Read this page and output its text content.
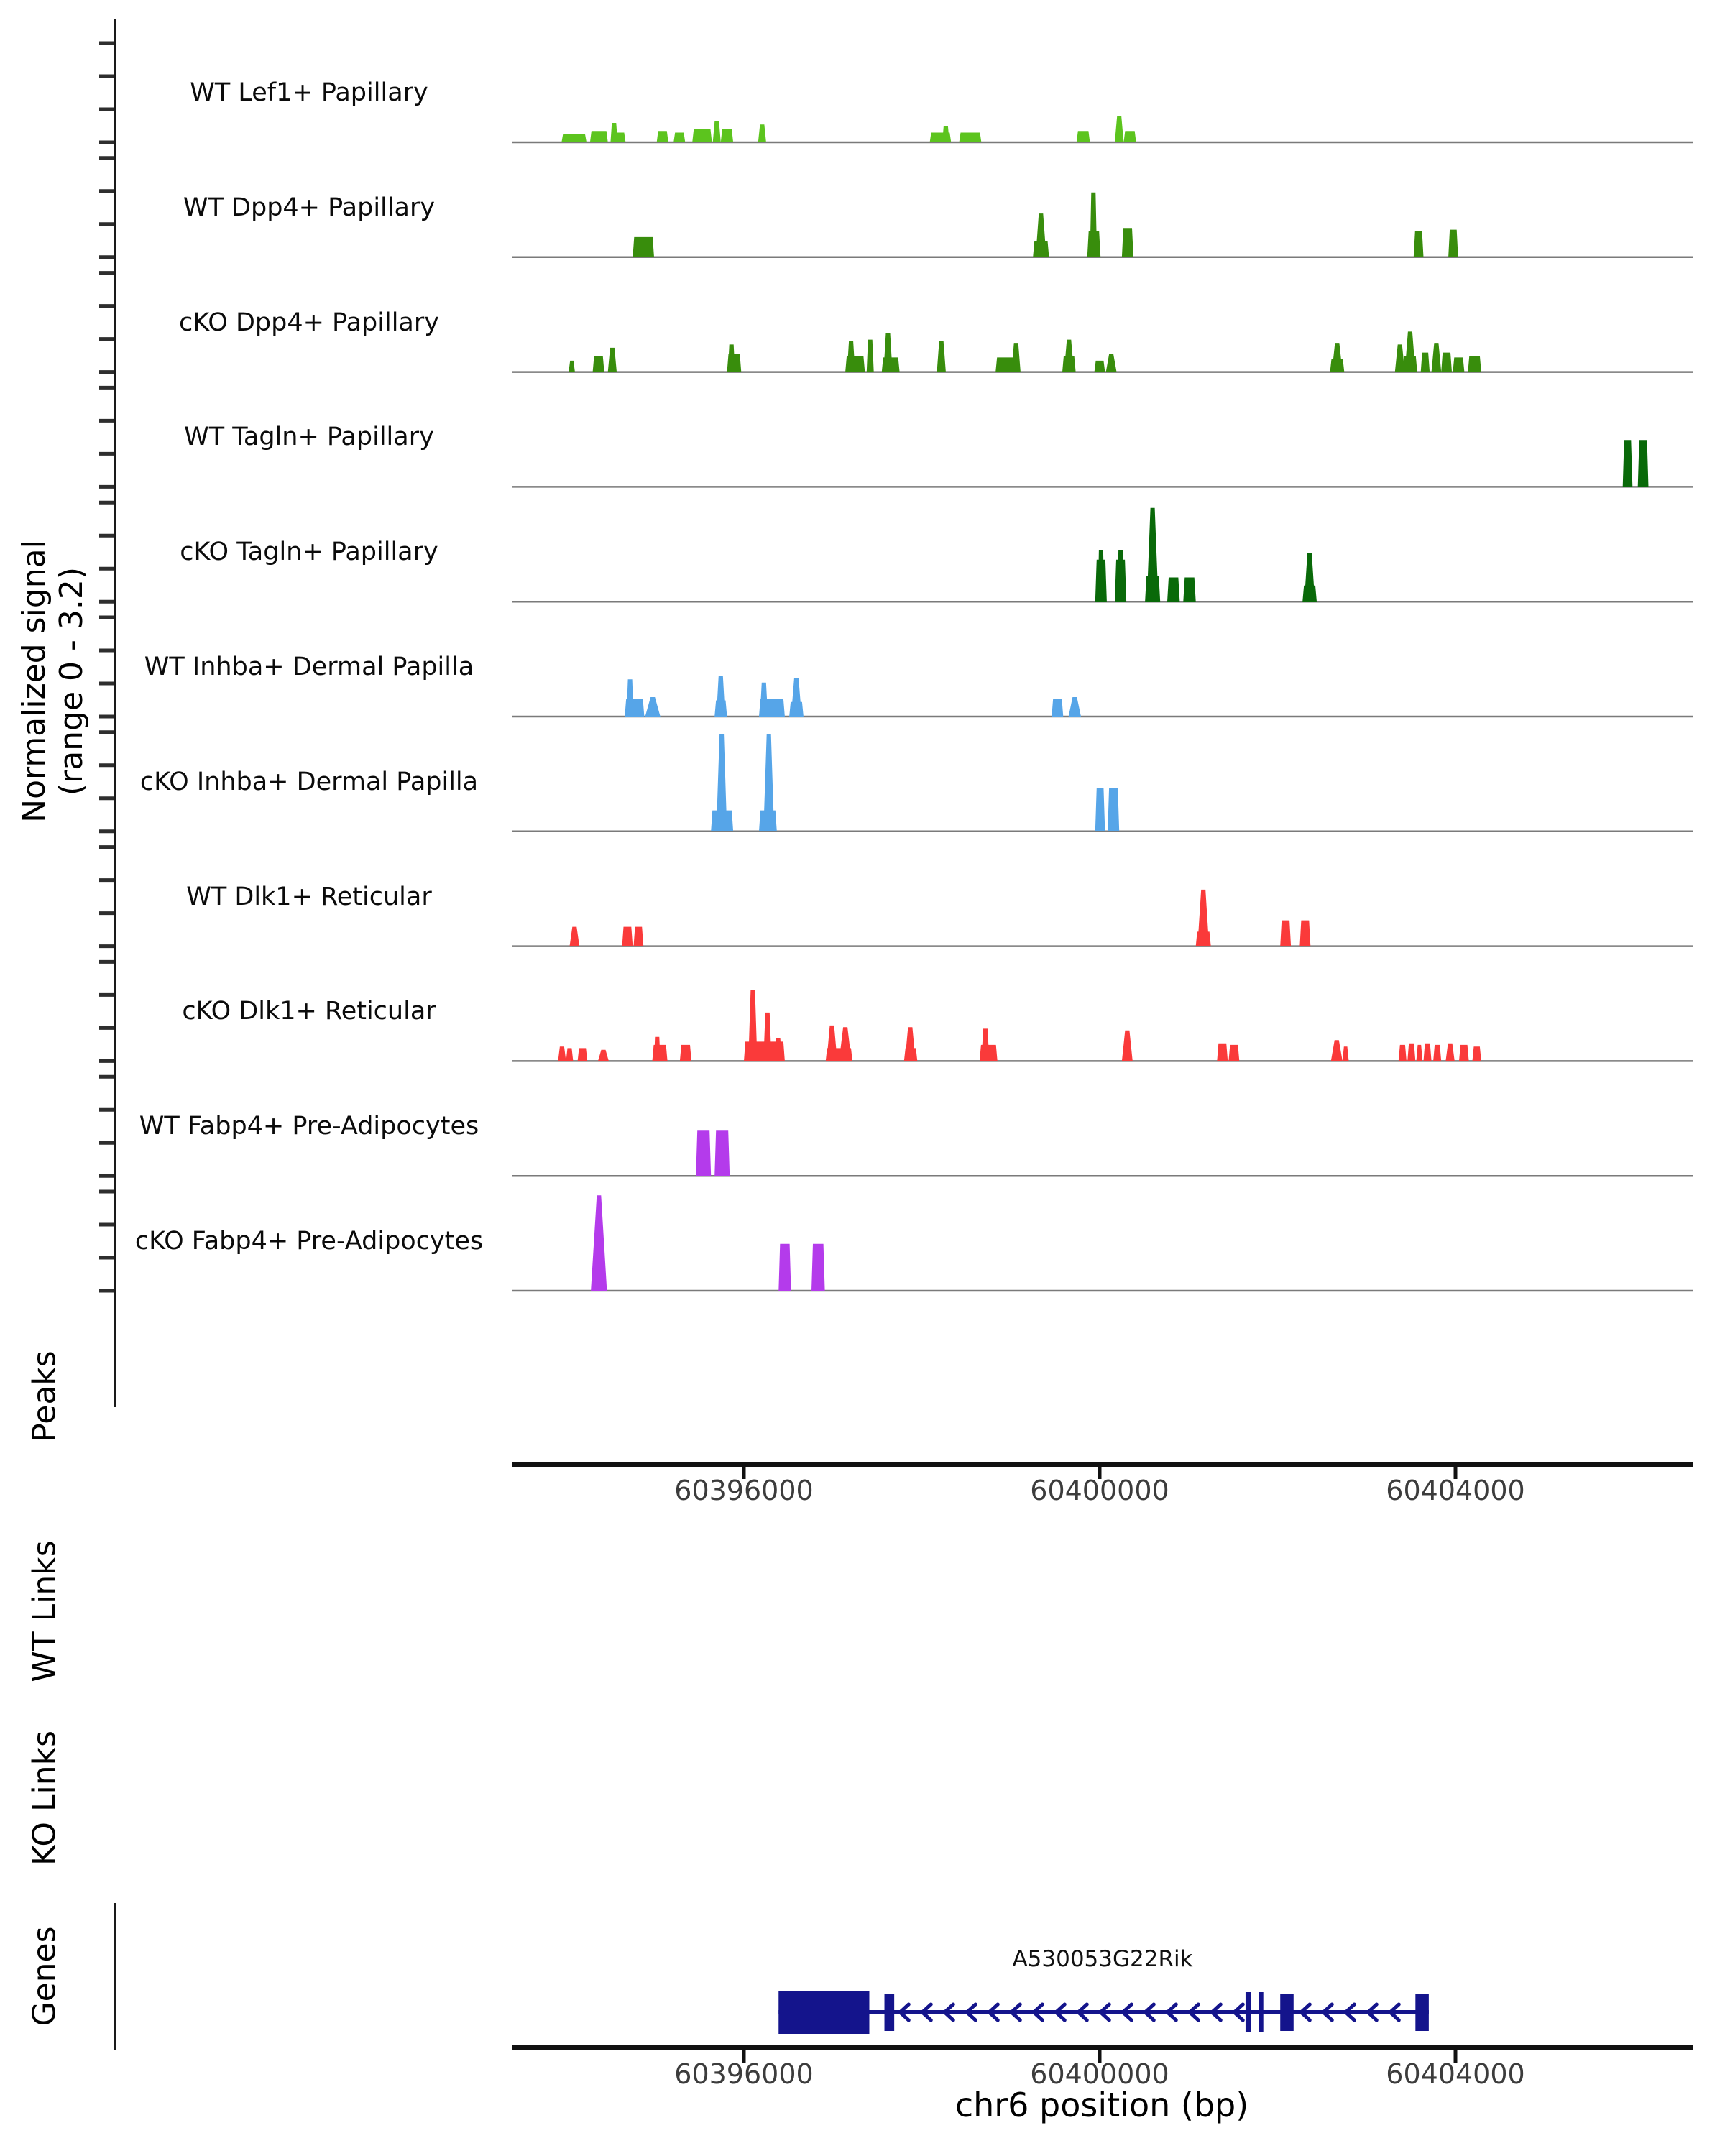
Normalized signal (range 0 - 3.2)
Peaks
WT Links
KO Links
Genes	A530053G22Rik
chr6 position (bp)
WT Lef1+ Papillary
WT Dpp4+ Papillary
cKO Dpp4+ Papillary
WT Tagln+ Papillary
cKO Tagln+ Papillary
WT Inhba+ Dermal Papilla
cKO Inhba+ Dermal Papilla
WT Dlk1+ Reticular
cKO Dlk1+ Reticular
WT Fabp4+ Pre-Adipocytes
cKO Fabp4+ Pre-Adipocytes
60396000	60400000	60404000
60396000	60400000	60404000
